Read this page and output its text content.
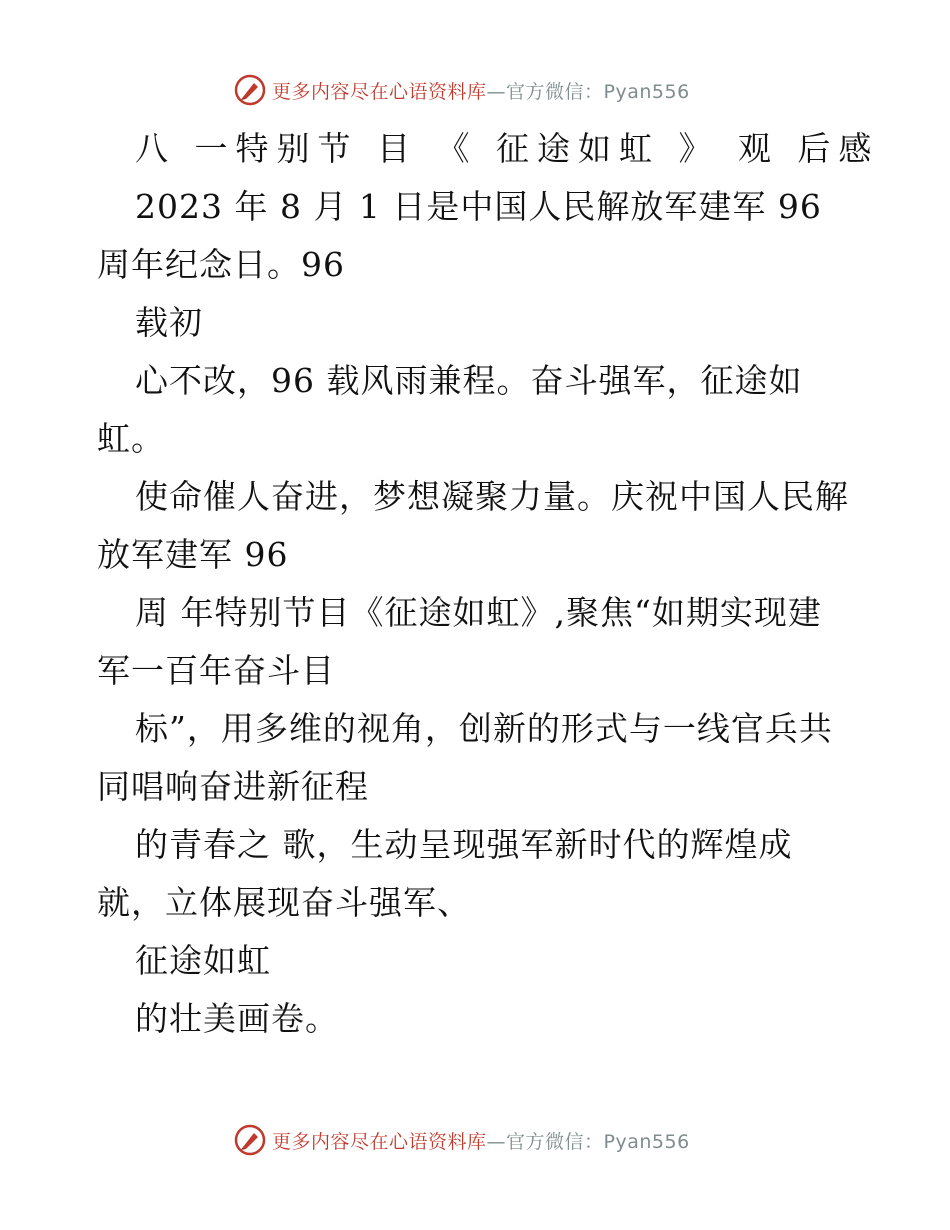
更多内容尽在心语资料库 —官方微信：Pyan556
八 一特别节 目 《 征途如虹 》 观 后感
2023 年 8 月 1 日是中国人民解放军建军 96
周年纪念日。96
载初
心不改，96 载风雨兼程。奋斗强军，征途如
虹。
使命催人奋进，梦想凝聚力量。庆祝中国人民解
放军建军 96
周 年特别节目《征途如虹》,聚焦“如期实现建
军一百年奋斗目
标”，用多维的视角，创新的形式与一线官兵共
同唱响奋进新征程
的青春之 歌，生动呈现强军新时代的辉煌成
就，立体展现奋斗强军、
征途如虹
的壮美画卷。
更多内容尽在心语资料库 —官方微信：Pyan556
